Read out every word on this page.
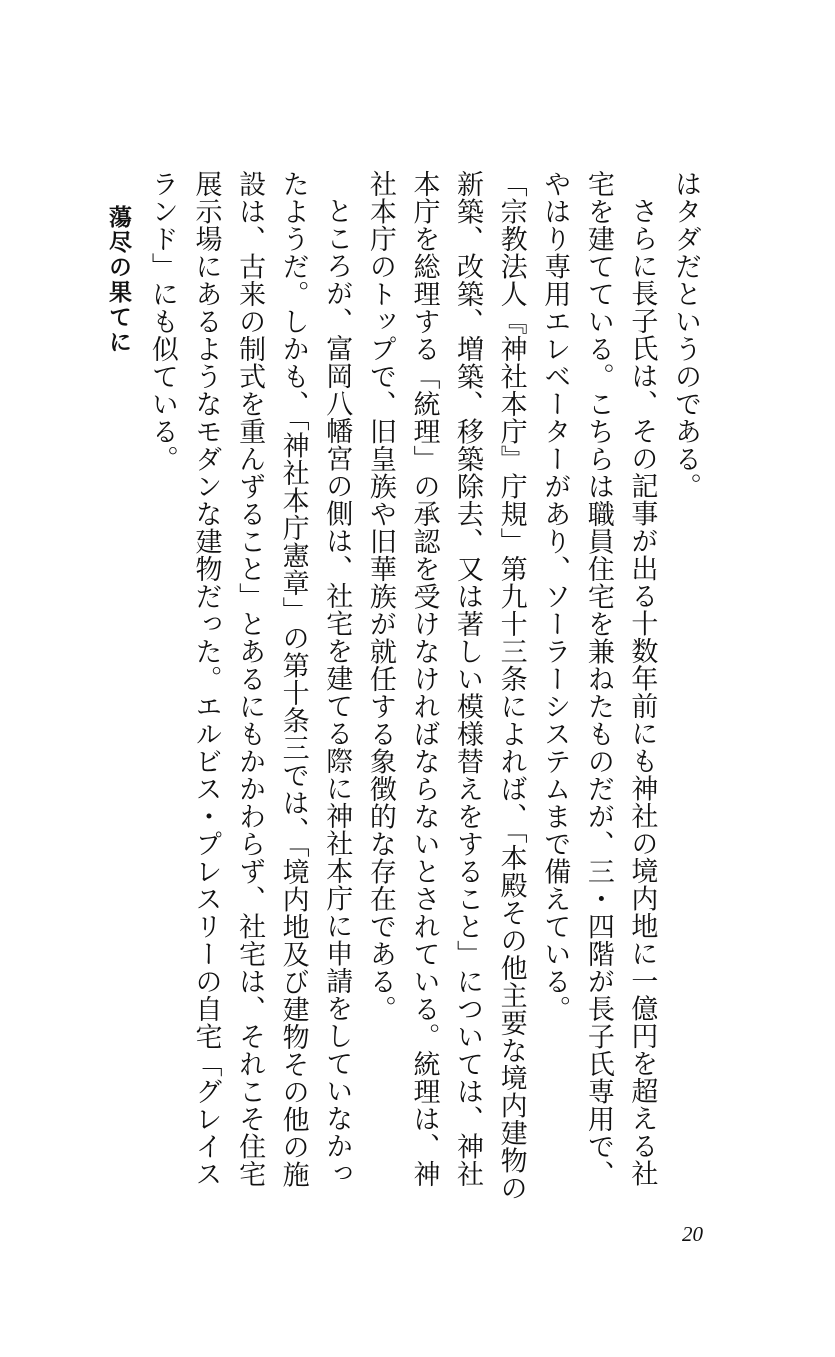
はタダだというのである。

さらに長子氏は、その記事が出る十数年前にも神社の境内地に一億円を超える社宅を建てている。こちらは職員住宅を兼ねたものだが、三・四階が長子氏専用で、やはり専用エレベーターがあり、ソーラーシステムまで備えている。

「宗教法人『神社本庁』庁規」第九十三条によれば、「本殿その他主要な境内建物の新築、改築、増築、移築除去、又は著しい模様替えをすること」については、神社本庁を総理する「統理」の承認を受けなければならないとされている。統理は、神社本庁のトップで、旧皇族や旧華族が就任する象徴的な存在である。

ところが、富岡八幡宮の側は、社宅を建てる際に神社本庁に申請をしていなかったようだ。しかも、「神社本庁憲章」の第十条三では、「境内地及び建物その他の施設は、古来の制式を重んずること」とあるにもかかわらず、社宅は、それこそ住宅展示場にあるようなモダンな建物だった。エルビス・プレスリーの自宅「グレイスランド」にも似ている。

蕩尽の果てに
20
